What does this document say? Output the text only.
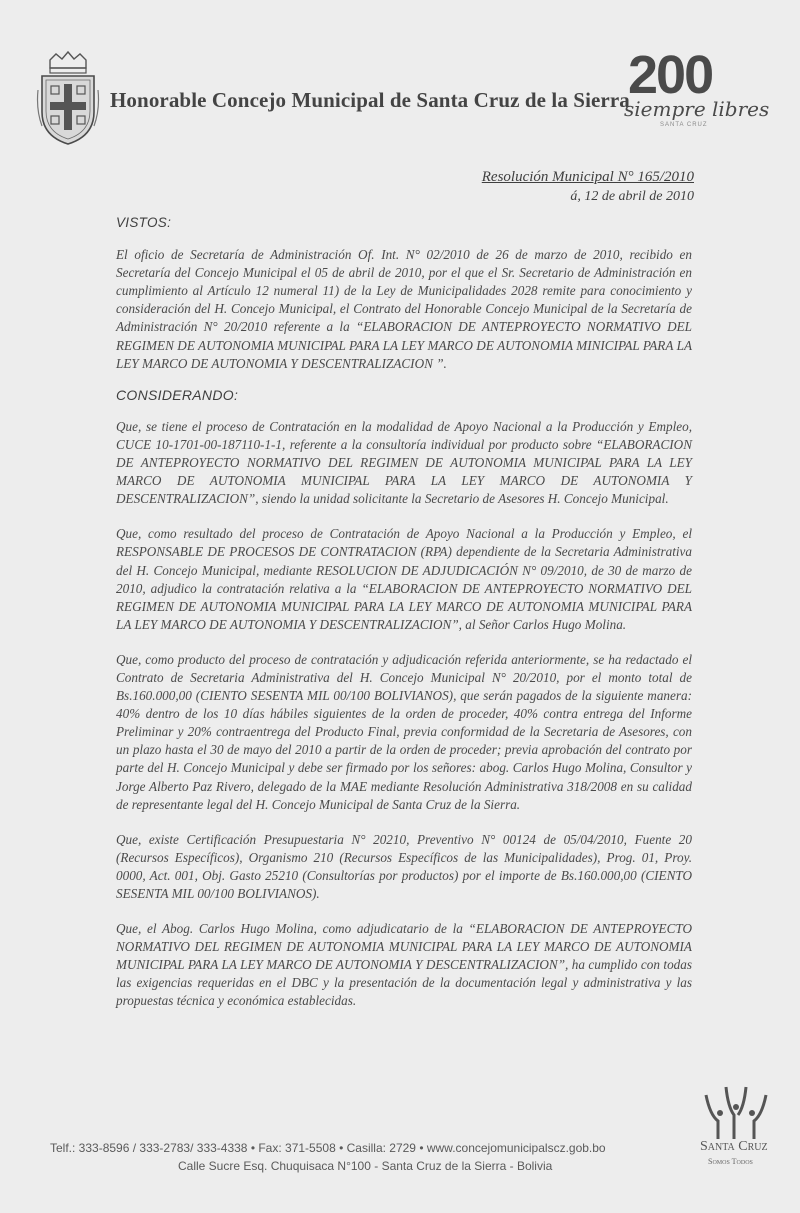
Honorable Concejo Municipal de Santa Cruz de la Sierra
200
siempre libres
SANTA CRUZ
Resolución Municipal N° 165/2010
á, 12 de abril de 2010
VISTOS:

El oficio de Secretaría de Administración Of. Int. N° 02/2010 de 26 de marzo de 2010, recibido en Secretaría del Concejo Municipal el 05 de abril de 2010, por el que el Sr. Secretario de Administración en cumplimiento al Artículo 12 numeral 11) de la Ley de Municipalidades 2028 remite para conocimiento y consideración del H. Concejo Municipal, el Contrato del Honorable Concejo Municipal de la Secretaría de Administración N° 20/2010 referente a la “ELABORACION DE ANTEPROYECTO NORMATIVO DEL REGIMEN DE AUTONOMIA MUNICIPAL PARA LA LEY MARCO DE AUTONOMIA MINICIPAL PARA LA LEY MARCO DE AUTONOMIA Y DESCENTRALIZACION ”.

CONSIDERANDO:

Que, se tiene el proceso de Contratación en la modalidad de Apoyo Nacional a la Producción y Empleo, CUCE 10-1701-00-187110-1-1, referente a la consultoría individual por producto sobre “ELABORACION DE ANTEPROYECTO NORMATIVO DEL REGIMEN DE AUTONOMIA MUNICIPAL PARA LA LEY MARCO DE AUTONOMIA MUNICIPAL PARA LA LEY MARCO DE AUTONOMIA Y DESCENTRALIZACION”, siendo la unidad solicitante la Secretario de Asesores H. Concejo Municipal.

Que, como resultado del proceso de Contratación de Apoyo Nacional a la Producción y Empleo, el RESPONSABLE DE PROCESOS DE CONTRATACION (RPA) dependiente de la Secretaria Administrativa del H. Concejo Municipal, mediante RESOLUCION DE ADJUDICACIÓN N° 09/2010, de 30 de marzo de 2010, adjudico la contratación relativa a la “ELABORACION DE ANTEPROYECTO NORMATIVO DEL REGIMEN DE AUTONOMIA MUNICIPAL PARA LA LEY MARCO DE AUTONOMIA MUNICIPAL PARA LA LEY MARCO DE AUTONOMIA Y DESCENTRALIZACION”, al Señor Carlos Hugo Molina.

Que, como producto del proceso de contratación y adjudicación referida anteriormente, se ha redactado el Contrato de Secretaria Administrativa del H. Concejo Municipal N° 20/2010, por el monto total de Bs.160.000,00 (CIENTO SESENTA MIL 00/100 BOLIVIANOS), que serán pagados de la siguiente manera: 40% dentro de los 10 días hábiles siguientes de la orden de proceder, 40% contra entrega del Informe Preliminar y 20% contraentrega del Producto Final, previa conformidad de la Secretaria de Asesores, con un plazo hasta el 30 de mayo del 2010 a partir de la orden de proceder; previa aprobación del contrato por parte del H. Concejo Municipal y debe ser firmado por los señores: abog. Carlos Hugo Molina, Consultor y Jorge Alberto Paz Rivero, delegado de la MAE mediante Resolución Administrativa 318/2008 en su calidad de representante legal del H. Concejo Municipal de Santa Cruz de la Sierra.

Que, existe Certificación Presupuestaria N° 20210, Preventivo N° 00124 de 05/04/2010, Fuente 20 (Recursos Específicos), Organismo 210 (Recursos Específicos de las Municipalidades), Prog. 01, Proy. 0000, Act. 001, Obj. Gasto 25210 (Consultorías por productos) por el importe de Bs.160.000,00 (CIENTO SESENTA MIL 00/100 BOLIVIANOS).

Que, el Abog. Carlos Hugo Molina, como adjudicatario de la “ELABORACION DE ANTEPROYECTO NORMATIVO DEL REGIMEN DE AUTONOMIA MUNICIPAL PARA LA LEY MARCO DE AUTONOMIA MUNICIPAL PARA LA LEY MARCO DE AUTONOMIA Y DESCENTRALIZACION”, ha cumplido con todas las exigencias requeridas en el DBC y la presentación de la documentación legal y administrativa y las propuestas técnica y económica establecidas.

Telf.: 333-8596 / 333-2783/ 333-4338 • Fax: 371-5508 • Casilla: 2729 • www.concejomunicipalscz.gob.bo
Calle Sucre Esq. Chuquisaca N°100 - Santa Cruz de la Sierra - Bolivia
Santa Cruz
Somos Todos
